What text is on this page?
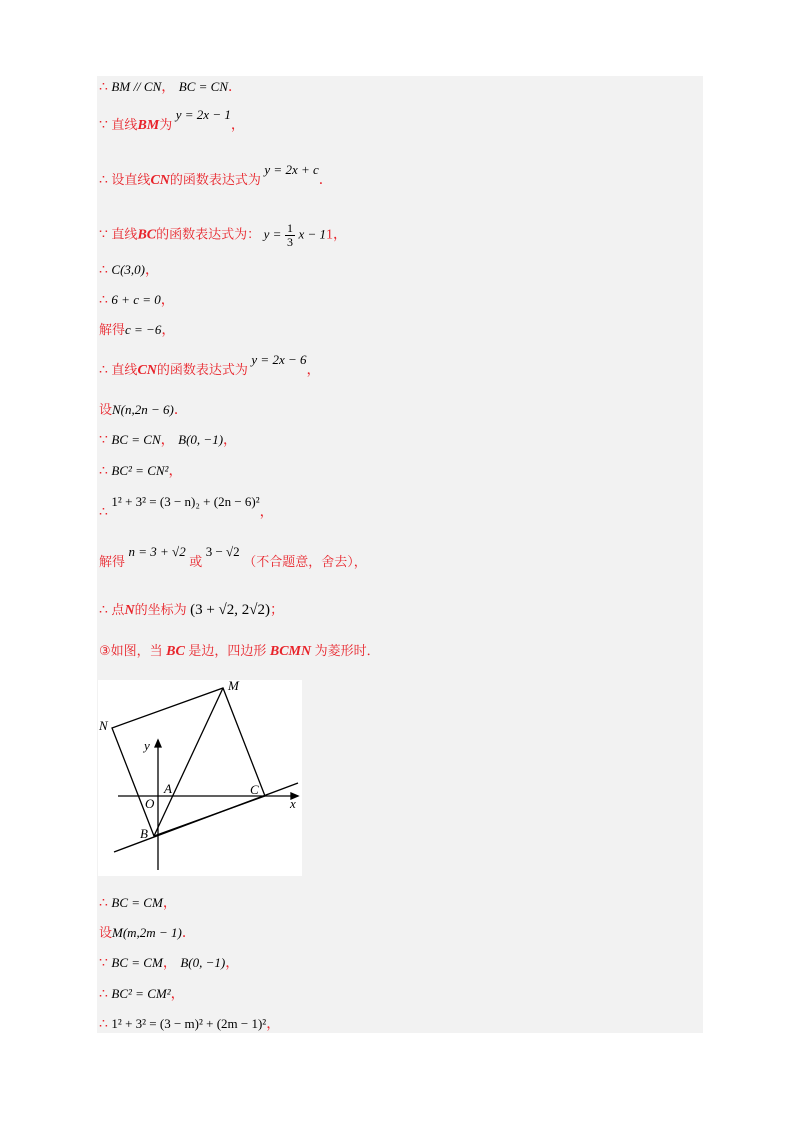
∴ BM // CN， BC = CN．
∵ 直线BM为 y = 2x − 1，
∴ 设直线CN的函数表达式为 y = 2x + c．
∵ 直线BC的函数表达式为： $y = \frac{1}{3}$ x − 11，
∴ C(3,0)，
∴ 6 + c = 0，
解得c = −6，
∴ 直线CN的函数表达式为 y = 2x − 6，
设N(n,2n − 6)．
∵ BC = CN， B(0, −1)，
∴ BC² = CN²，
∴ 1² + 3² = (3 − n)₂ + (2n − 6)²，
解得 n = 3 + √2 或 3 − √2 （不合题意，舍去），
∴ 点N的坐标为 (3 + √2, 2√2)；
③如图，当 BC 是边，四边形 BCMN 为菱形时．
M
N
y
A
O
C
x
B
∴ BC = CM，
设M(m,2m − 1)．
∵ BC = CM， B(0, −1)，
∴ BC² = CM²，
∴ 1² + 3² = (3 − m)² + (2m − 1)²，
